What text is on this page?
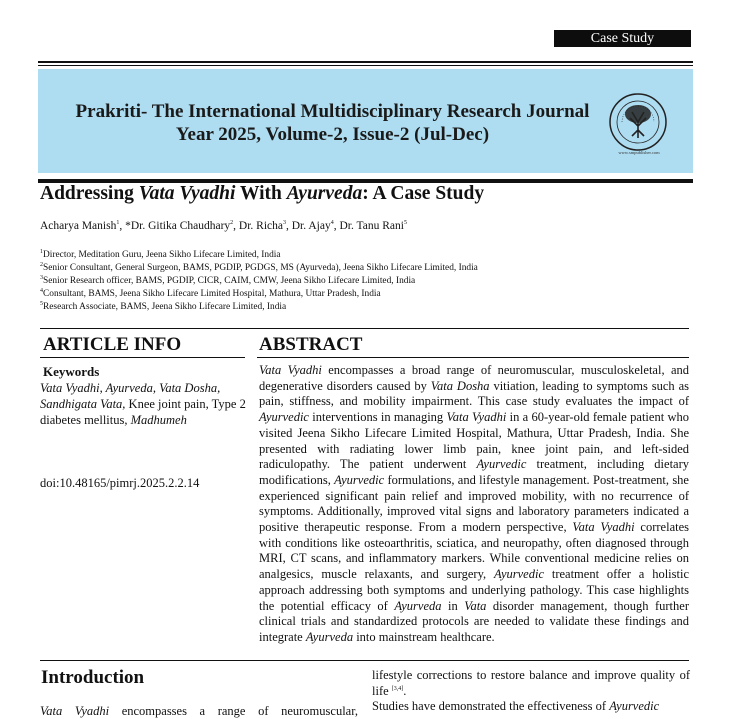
Case Study
Prakriti- The International Multidisciplinary Research Journal
Year 2025, Volume-2, Issue-2 (Jul-Dec)
www.smpublisher.com
Addressing Vata Vyadhi With Ayurveda: A Case Study
Acharya Manish$^1$, *Dr. Gitika Chaudhary$^2$, Dr. Richa$^3$, Dr. Ajay$^4$, Dr. Tanu Rani$^5$
$^1$Director, Meditation Guru, Jeena Sikho Lifecare Limited, India
$^2$Senior Consultant, General Surgeon, BAMS, PGDIP, PGDGS, MS (Ayurveda), Jeena Sikho Lifecare Limited, India
$^3$Senior Research officer, BAMS, PGDIP, CICR, CAIM, CMW, Jeena Sikho Lifecare Limited, India
$^4$Consultant, BAMS, Jeena Sikho Lifecare Limited Hospital, Mathura, Uttar Pradesh, India
$^5$Research Associate, BAMS, Jeena Sikho Lifecare Limited, India
ARTICLE INFO
Keywords
Vata Vyadhi, Ayurveda, Vata Dosha, Sandhigata Vata, Knee joint pain, Type 2 diabetes mellitus, Madhumeh
doi:10.48165/pimrj.2025.2.2.14
ABSTRACT
Vata Vyadhi encompasses a broad range of neuromuscular, musculoskeletal, and degenerative disorders caused by Vata Dosha vitiation, leading to symptoms such as pain, stiffness, and mobility impairment. This case study evaluates the impact of Ayurvedic interventions in managing Vata Vyadhi in a 60-year-old female patient who visited Jeena Sikho Lifecare Limited Hospital, Mathura, Uttar Pradesh, India. She presented with radiating lower limb pain, knee joint pain, and left-sided radiculopathy. The patient underwent Ayurvedic treatment, including dietary modifications, Ayurvedic formulations, and lifestyle management. Post-treatment, she experienced significant pain relief and improved mobility, with no recurrence of symptoms. Additionally, improved vital signs and laboratory parameters indicated a positive therapeutic response. From a modern perspective, Vata Vyadhi correlates with conditions like osteoarthritis, sciatica, and neuropathy, often diagnosed through MRI, CT scans, and inflammatory markers. While conventional medicine relies on analgesics, muscle relaxants, and surgery, Ayurvedic treatment offer a holistic approach addressing both symptoms and underlying pathology. This case highlights the potential efficacy of Ayurveda in Vata disorder management, though further clinical trials and standardized protocols are needed to validate these findings and integrate Ayurveda into mainstream healthcare.
Introduction
Vata Vyadhi encompasses a range of neuromuscular,
lifestyle corrections to restore balance and improve quality of life [3,4].
Studies have demonstrated the effectiveness of Ayurvedic
